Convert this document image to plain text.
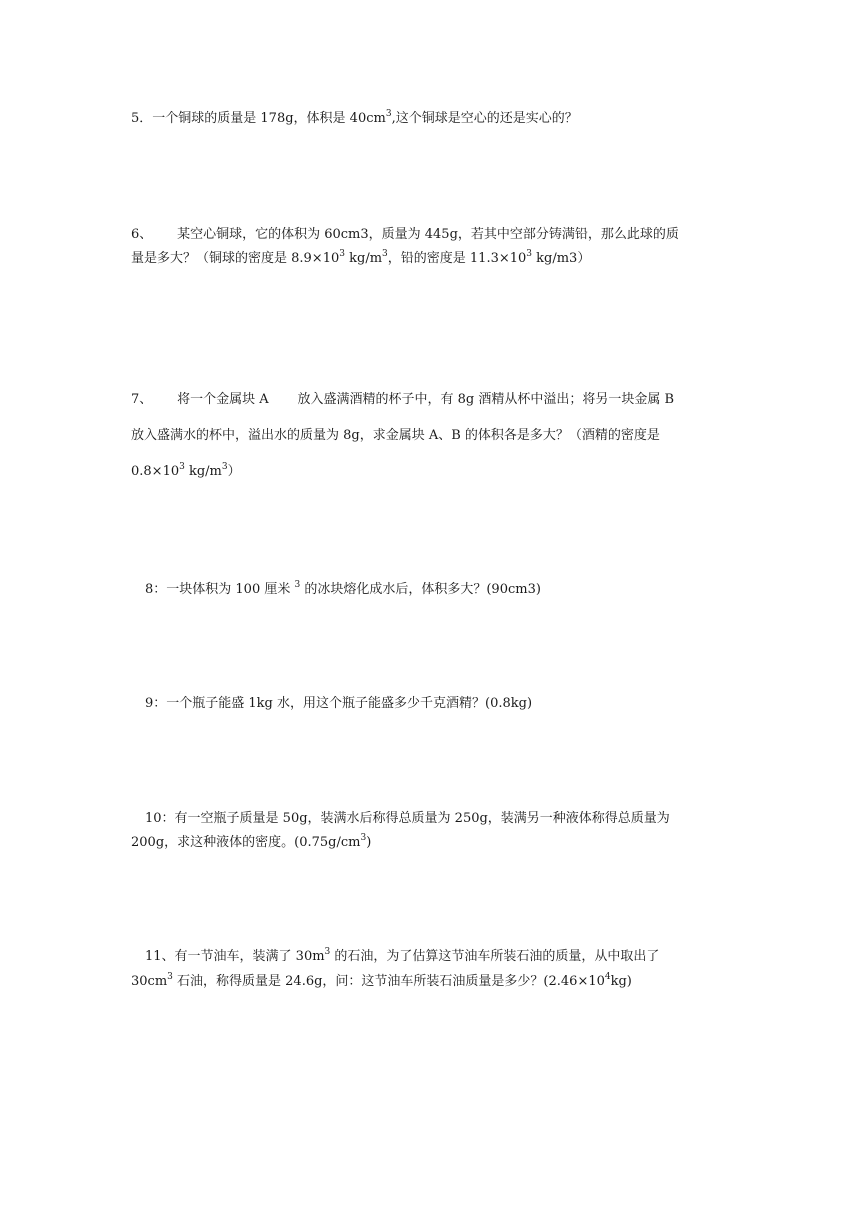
5．一个铜球的质量是 178g，体积是 $40cm^3$,这个铜球是空心的还是实心的？
6、      某空心铜球，它的体积为 60cm3，质量为 445g，若其中空部分铸满铅，那么此球的质
量是多大？（铜球的密度是 $8.9\times 10^3$ $kg/m^3$，铅的密度是 $11.3\times 10^3$ kg/m3）
7、      将一个金属块 A       放入盛满酒精的杯子中，有 8g 酒精从杯中溢出；将另一块金属 B
放入盛满水的杯中，溢出水的质量为 8g，求金属块 A、B 的体积各是多大？（酒精的密度是
$0.8\times 10^3$ $kg/m^3$）
8：一块体积为 100 厘米 $^3$ 的冰块熔化成水后，体积多大？(90cm3)
9：一个瓶子能盛 1kg 水，用这个瓶子能盛多少千克酒精？(0.8kg)
10：有一空瓶子质量是 50g，装满水后称得总质量为 250g，装满另一种液体称得总质量为
200g，求这种液体的密度。$(0.75g/cm^3)$
11、有一节油车，装满了 $30m^3$ 的石油，为了估算这节油车所装石油的质量，从中取出了
$30cm^3$ 石油，称得质量是 24.6g，问：这节油车所装石油质量是多少？$(2.46\times 10^4kg)$
